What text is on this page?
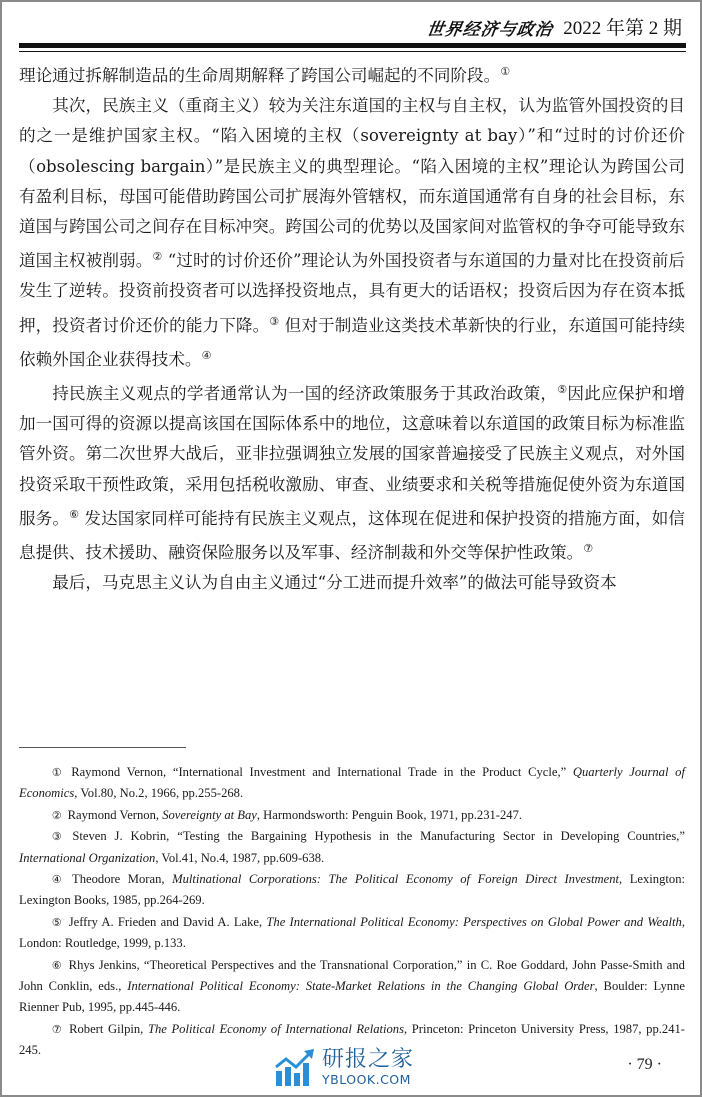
世界经济与政治 2022 年第 2 期

理论通过拆解制造品的生命周期解释了跨国公司崛起的不同阶段。①

其次，民族主义（重商主义）较为关注东道国的主权与自主权，认为监管外国投资的目的之一是维护国家主权。“陷入困境的主权（sovereignty at bay）”和“过时的讨价还价（obsolescing bargain）”是民族主义的典型理论。“陷入困境的主权”理论认为跨国公司有盈利目标，母国可能借助跨国公司扩展海外管辖权，而东道国通常有自身的社会目标，东道国与跨国公司之间存在目标冲突。跨国公司的优势以及国家间对监管权的争夺可能导致东道国主权被削弱。② “过时的讨价还价”理论认为外国投资者与东道国的力量对比在投资前后发生了逆转。投资前投资者可以选择投资地点，具有更大的话语权；投资后因为存在资本抵押，投资者讨价还价的能力下降。③ 但对于制造业这类技术革新快的行业，东道国可能持续依赖外国企业获得技术。④

持民族主义观点的学者通常认为一国的经济政策服务于其政治政策，⑤因此应保护和增加一国可得的资源以提高该国在国际体系中的地位，这意味着以东道国的政策目标为标准监管外资。第二次世界大战后，亚非拉强调独立发展的国家普遍接受了民族主义观点，对外国投资采取干预性政策，采用包括税收激励、审查、业绩要求和关税等措施促使外资为东道国服务。⑥ 发达国家同样可能持有民族主义观点，这体现在促进和保护投资的措施方面，如信息提供、技术援助、融资保险服务以及军事、经济制裁和外交等保护性政策。⑦

最后，马克思主义认为自由主义通过“分工进而提升效率”的做法可能导致资本

① Raymond Vernon, “International Investment and International Trade in the Product Cycle,” Quarterly Journal of Economics, Vol.80, No.2, 1966, pp.255-268.

② Raymond Vernon, Sovereignty at Bay, Harmondsworth: Penguin Book, 1971, pp.231-247.

③ Steven J. Kobrin, “Testing the Bargaining Hypothesis in the Manufacturing Sector in Developing Countries,” International Organization, Vol.41, No.4, 1987, pp.609-638.

④ Theodore Moran, Multinational Corporations: The Political Economy of Foreign Direct Investment, Lexington: Lexington Books, 1985, pp.264-269.

⑤ Jeffry A. Frieden and David A. Lake, The International Political Economy: Perspectives on Global Power and Wealth, London: Routledge, 1999, p.133.

⑥ Rhys Jenkins, “Theoretical Perspectives and the Transnational Corporation,” in C. Roe Goddard, John Passe-Smith and John Conklin, eds., International Political Economy: State-Market Relations in the Changing Global Order, Boulder: Lynne Rienner Pub, 1995, pp.445-446.

⑦ Robert Gilpin, The Political Economy of International Relations, Princeton: Princeton University Press, 1987, pp.241-245.	研报之家
YBLOOK.COM
· 79 ·
